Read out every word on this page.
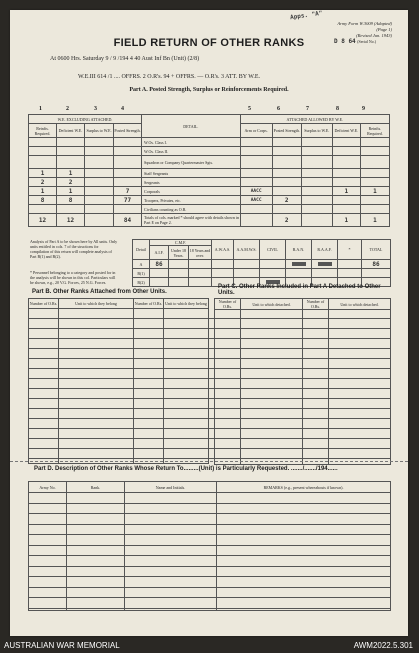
Apps. "A"
Army Form W.3009 (Adapted)
(Page 1)
(Revised Jan. 1943)
D 8 64 (Serial No.)
FIELD RETURN OF OTHER RANKS
At 0600 Hrs. Saturday 9 / 9 /194 4 40 Aust Inf Bn (Unit) (2/8)
W.E.III 614 /1 .... OFFRS. 2 O.R's. 94 + OFFRS. — O.R's. 3 ATT. BY W.E.
Part A. Posted Strength, Surplus or Reinforcements Required.
1	2	3	4	5	6	7	8	9
W.E. EXCLUDING ATTACHED.				DETAIL.	ATTACHED ALLOWED BY W.E.				
Reinfts. Required.	Deficient W.E.	Surplus to W.E.	Posted Strength.		Arm or Corps.	Posted Strength.	Surplus to W.E.	Deficient W.E.	Reinfts. Required.
				W.Os. Class I.					
				W.Os. Class II.					
				Squadron or Company Quartermaster Sgts.					
1	1			Staff Sergeants					
2	2			Sergeants					
1	1		7	Corporals	AACC			1	1
8	8		77	Troopers, Privates, etc.	AACC	2			
				Civilians counting as O.R.					
12	12		84	Totals of cols. marked * should agree with details shown in Part E on Page 2.		2		1	1
Analysis of Part A to be shown here by All units. Only units entitled in cols. 7 of the structions for compilation of this return will complete analysis of Part B(1) and B(2).
* Personnel belonging to a category and posted for in the analysis will be shown in this col. Particulars will be shown, e.g., 20 V.G. Forces, 25 N.G. Forces.
Detail	C.M.F.			A.W.A.S.	A.A.M.W.S.	CIVIL	R.A.N.	R.A.A.F.	*	TOTAL
	A.I.F.	Under 18 Years.	18 Years and over.							
A	86									86
B(1)										
B(2)						

Part B. Other Ranks Attached from Other Units.
Part C. Other Ranks Included in Part A Detached to Other Units.
Number of O.Rs.	Unit to which they belong	Number of O.Rs.	Unit to which they belong
				Number of O.Rs.	Unit to which detached.	Number of O.Rs.	Unit to which detached.

Part D. Description of Other Ranks Whose Return To.........(Unit) is Particularly Requested. ......./......./194......
Army No.	Rank.	Name and Initials.	REMARKS (e.g., present whereabouts if known).

AUSTRALIAN WAR MEMORIAL	AWM2022.5.301
